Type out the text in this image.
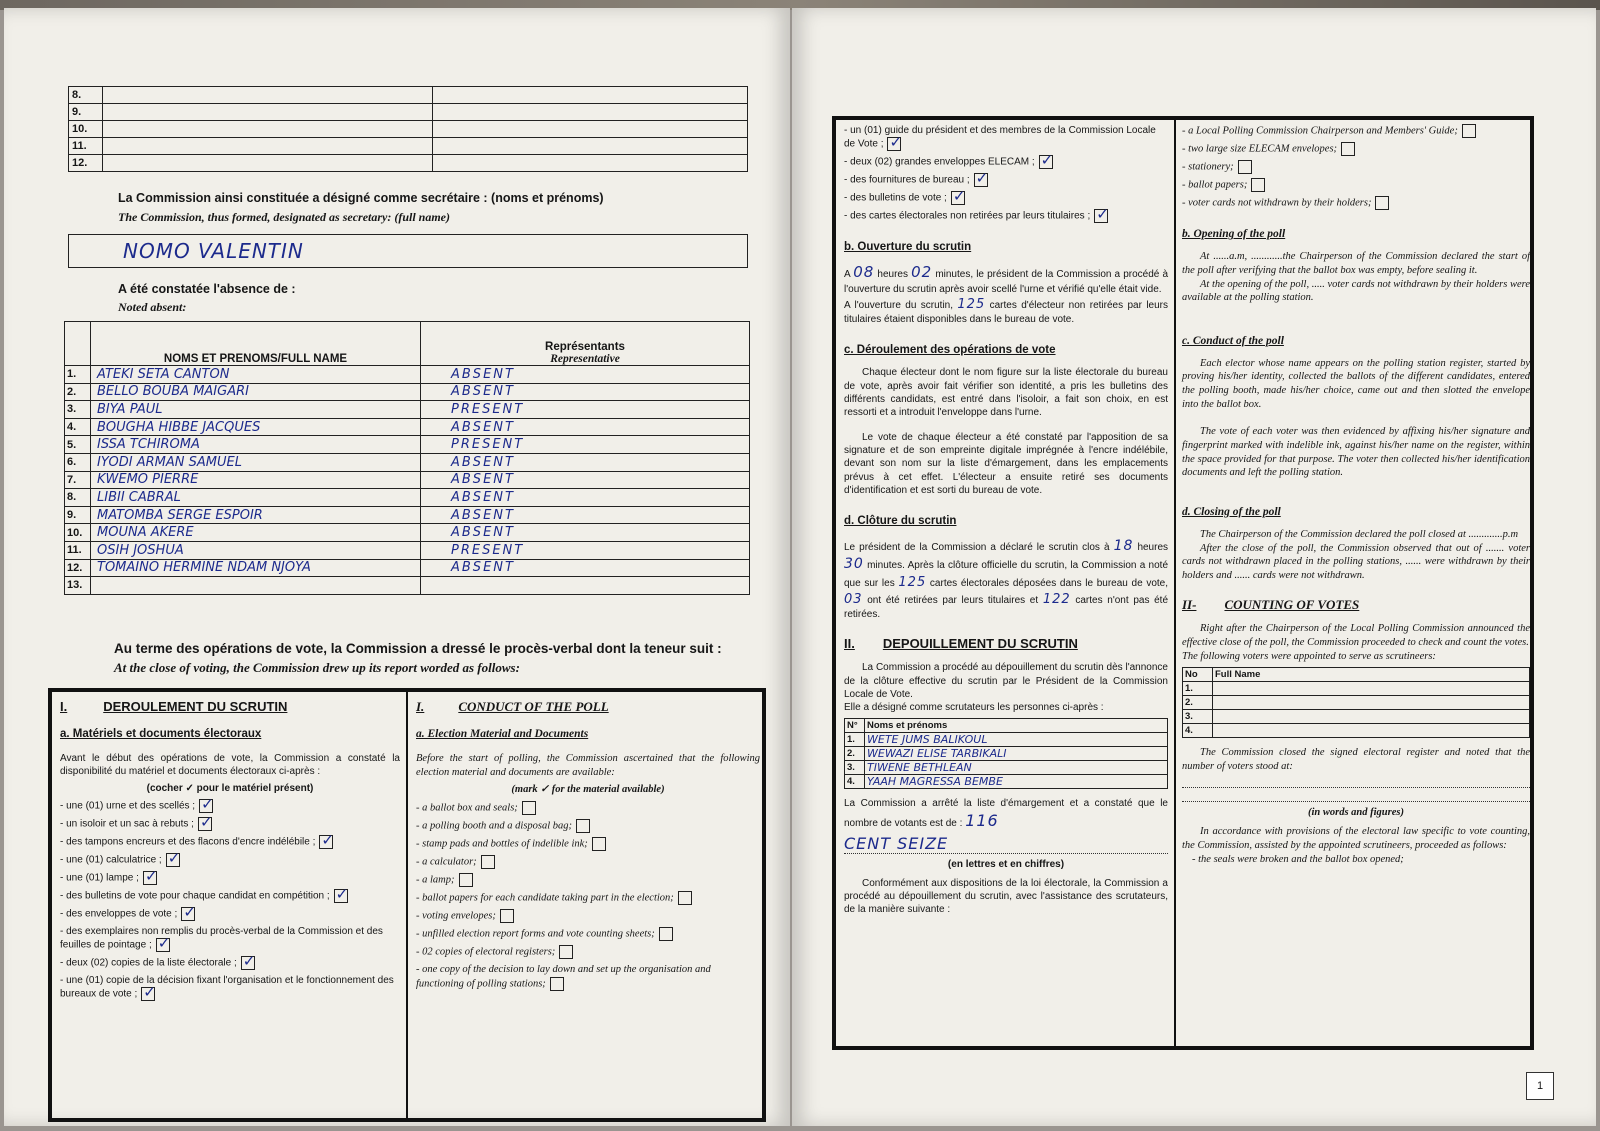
8.		
9.		
10.		
11.		
12.		
La Commission ainsi constituée a désigné comme secrétaire : (noms et prénoms)
The Commission, thus formed, designated as secretary: (full name)
NOMO VALENTIN
A été constatée l'absence de :
Noted absent:
	NOMS ET PRENOMS/FULL NAME	Représentants
Representative

1.	ATEKI SETA CANTON	ABSENT
2.	BELLO BOUBA MAIGARI	ABSENT
3.	BIYA PAUL	PRESENT
4.	BOUGHA HIBBE JACQUES	ABSENT
5.	ISSA TCHIROMA	PRESENT
6.	IYODI ARMAN SAMUEL	ABSENT
7.	KWEMO PIERRE	ABSENT
8.	LIBII CABRAL	ABSENT
9.	MATOMBA SERGE ESPOIR	ABSENT
10.	MOUNA AKERE	ABSENT
11.	OSIH JOSHUA	PRESENT
12.	TOMAINO HERMINE NDAM NJOYA	ABSENT
13.		
Au terme des opérations de vote, la Commission a dressé le procès-verbal dont la teneur suit :
At the close of voting, the Commission drew up its report worded as follows:
I.	DEROULEMENT DU SCRUTIN
a. Matériels et documents électoraux
Avant le début des opérations de vote, la Commission a constaté la disponibilité du matériel et documents électoraux ci-après :
(cocher ✓ pour le matériel présent)
- une (01) urne et des scellés ;✓
- un isoloir et un sac à rebuts ;✓
- des tampons encreurs et des flacons d'encre indélébile ;✓
- une (01) calculatrice ;✓
- une (01) lampe ;✓
- des bulletins de vote pour chaque candidat en compétition ;✓
- des enveloppes de vote ;✓
- des exemplaires non remplis du procès-verbal de la Commission et des feuilles de pointage ;✓
- deux (02) copies de la liste électorale ;✓
- une (01) copie de la décision fixant l'organisation et le fonctionnement des bureaux de vote ;✓
I.	CONDUCT OF THE POLL
a. Election Material and Documents
Before the start of polling, the Commission ascertained that the following election material and documents are available:
(mark ✓ for the material available)
- a ballot box and seals;
- a polling booth and a disposal bag;
- stamp pads and bottles of indelible ink;
- a calculator;
- a lamp;
- ballot papers for each candidate taking part in the election;
- voting envelopes;
- unfilled election report forms and vote counting sheets;
- 02 copies of electoral registers;
- one copy of the decision to lay down and set up the organisation and functioning of polling stations;
- un (01) guide du président et des membres de la Commission Locale de Vote ;✓
- deux (02) grandes enveloppes ELECAM ;✓
- des fournitures de bureau ;✓
- des bulletins de vote ;✓
- des cartes électorales non retirées par leurs titulaires ;✓
b. Ouverture du scrutin
A 08 heures 02 minutes, le président de la Commission a procédé à l'ouverture du scrutin après avoir scellé l'urne et vérifié qu'elle était vide.
A l'ouverture du scrutin, 125 cartes d'électeur non retirées par leurs titulaires étaient disponibles dans le bureau de vote.
c. Déroulement des opérations de vote
Chaque électeur dont le nom figure sur la liste électorale du bureau de vote, après avoir fait vérifier son identité, a pris les bulletins des différents candidats, est entré dans l'isoloir, a fait son choix, en est ressorti et a introduit l'enveloppe dans l'urne.
Le vote de chaque électeur a été constaté par l'apposition de sa signature et de son empreinte digitale imprégnée à l'encre indélébile, devant son nom sur la liste d'émargement, dans les emplacements prévus à cet effet. L'électeur a ensuite retiré ses documents d'identification et est sorti du bureau de vote.
d. Clôture du scrutin
Le président de la Commission a déclaré le scrutin clos à 18 heures 30 minutes. Après la clôture officielle du scrutin, la Commission a noté que sur les 125 cartes électorales déposées dans le bureau de vote, 03 ont été retirées par leurs titulaires et 122 cartes n'ont pas été retirées.
II. DEPOUILLEMENT DU SCRUTIN
La Commission a procédé au dépouillement du scrutin dès l'annonce de la clôture effective du scrutin par le Président de la Commission Locale de Vote.
Elle a désigné comme scrutateurs les personnes ci-après :
N°	Noms et prénoms
1.	WETE JUMS BALIKOUL
2.	WEWAZI ELISE TARBIKALI
3.	TIWENE BETHLEAN
4.	YAAH MAGRESSA BEMBE
La Commission a arrêté la liste d'émargement et a constaté que le nombre de votants est de : 116
CENT SEIZE
(en lettres et en chiffres)
Conformément aux dispositions de la loi électorale, la Commission a procédé au dépouillement du scrutin, avec l'assistance des scrutateurs, de la manière suivante :
- a Local Polling Commission Chairperson and Members' Guide;
- two large size ELECAM envelopes;
- stationery;
- ballot papers;
- voter cards not withdrawn by their holders;
b. Opening of the poll
At ......a.m, ............the Chairperson of the Commission declared the start of the poll after verifying that the ballot box was empty, before sealing it.
At the opening of the poll, ..... voter cards not withdrawn by their holders were available at the polling station.
c. Conduct of the poll
Each elector whose name appears on the polling station register, started by proving his/her identity, collected the ballots of the different candidates, entered the polling booth, made his/her choice, came out and then slotted the envelope into the ballot box.
The vote of each voter was then evidenced by affixing his/her signature and fingerprint marked with indelible ink, against his/her name on the register, within the space provided for that purpose. The voter then collected his/her identification documents and left the polling station.
d. Closing of the poll
The Chairperson of the Commission declared the poll closed at .............p.m
After the close of the poll, the Commission observed that out of ....... voter cards not withdrawn placed in the polling stations, ...... were withdrawn by their holders and ...... cards were not withdrawn.
II- COUNTING OF VOTES
Right after the Chairperson of the Local Polling Commission announced the effective close of the poll, the Commission proceeded to check and count the votes.
The following voters were appointed to serve as scrutineers:
No	Full Name
1.	
2.	
3.	
4.	
The Commission closed the signed electoral register and noted that the number of voters stood at:
(in words and figures)
In accordance with provisions of the electoral law specific to vote counting, the Commission, assisted by the appointed scrutineers, proceeded as follows:
- the seals were broken and the ballot box opened;
1
